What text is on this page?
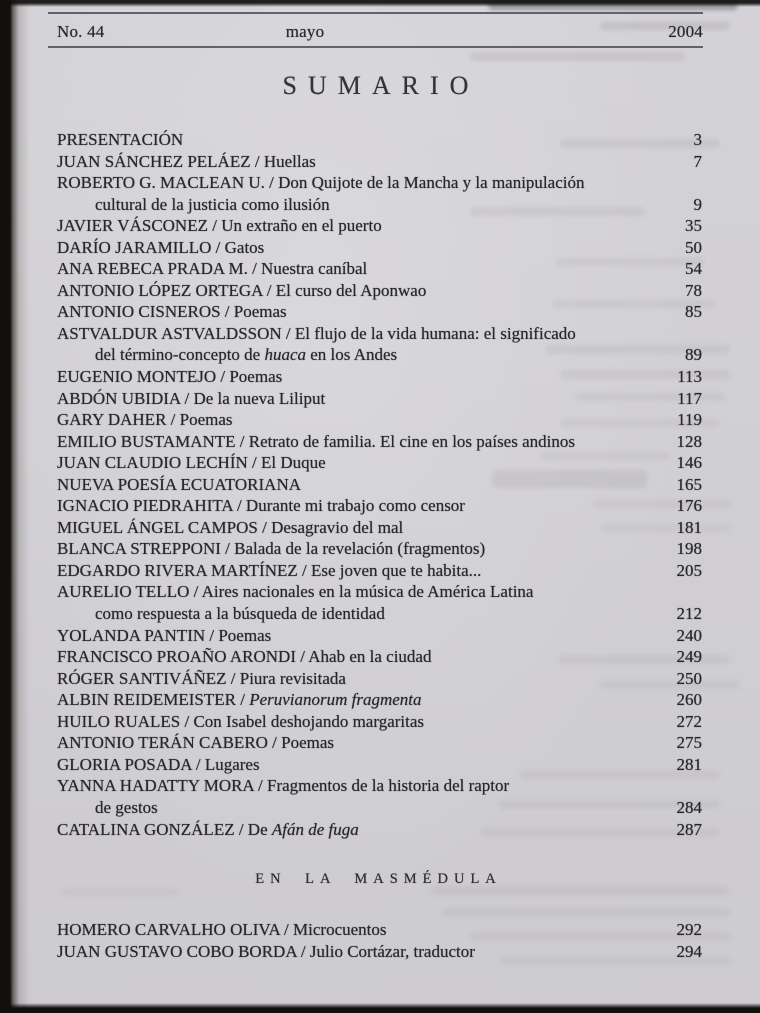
No. 44	mayo	2004
SUMARIO
PRESENTACIÓN	3
JUAN SÁNCHEZ PELÁEZ / Huellas	7
ROBERTO G. MACLEAN U. / Don Quijote de la Mancha y la manipulación
cultural de la justicia como ilusión	9
JAVIER VÁSCONEZ / Un extraño en el puerto	35
DARÍO JARAMILLO / Gatos	50
ANA REBECA PRADA M. / Nuestra caníbal	54
ANTONIO LÓPEZ ORTEGA / El curso del Aponwao	78
ANTONIO CISNEROS / Poemas	85
ASTVALDUR ASTVALDSSON / El flujo de la vida humana: el significado
del término-concepto de huaca en los Andes	89
EUGENIO MONTEJO / Poemas	113
ABDÓN UBIDIA / De la nueva Liliput	117
GARY DAHER / Poemas	119
EMILIO BUSTAMANTE / Retrato de familia. El cine en los países andinos	128
JUAN CLAUDIO LECHÍN / El Duque	146
NUEVA POESÍA ECUATORIANA	165
IGNACIO PIEDRAHITA / Durante mi trabajo como censor	176
MIGUEL ÁNGEL CAMPOS / Desagravio del mal	181
BLANCA STREPPONI / Balada de la revelación (fragmentos)	198
EDGARDO RIVERA MARTÍNEZ / Ese joven que te habita...	205
AURELIO TELLO / Aires nacionales en la música de América Latina
como respuesta a la búsqueda de identidad	212
YOLANDA PANTIN / Poemas	240
FRANCISCO PROAÑO ARONDI / Ahab en la ciudad	249
RÓGER SANTIVÁÑEZ / Piura revisitada	250
ALBIN REIDEMEISTER / Peruvianorum fragmenta	260
HUILO RUALES / Con Isabel deshojando margaritas	272
ANTONIO TERÁN CABERO / Poemas	275
GLORIA POSADA / Lugares	281
YANNA HADATTY MORA / Fragmentos de la historia del raptor
de gestos	284
CATALINA GONZÁLEZ / De Afán de fuga	287
EN LA MASMÉDULA
HOMERO CARVALHO OLIVA / Microcuentos	292
JUAN GUSTAVO COBO BORDA / Julio Cortázar, traductor	294
